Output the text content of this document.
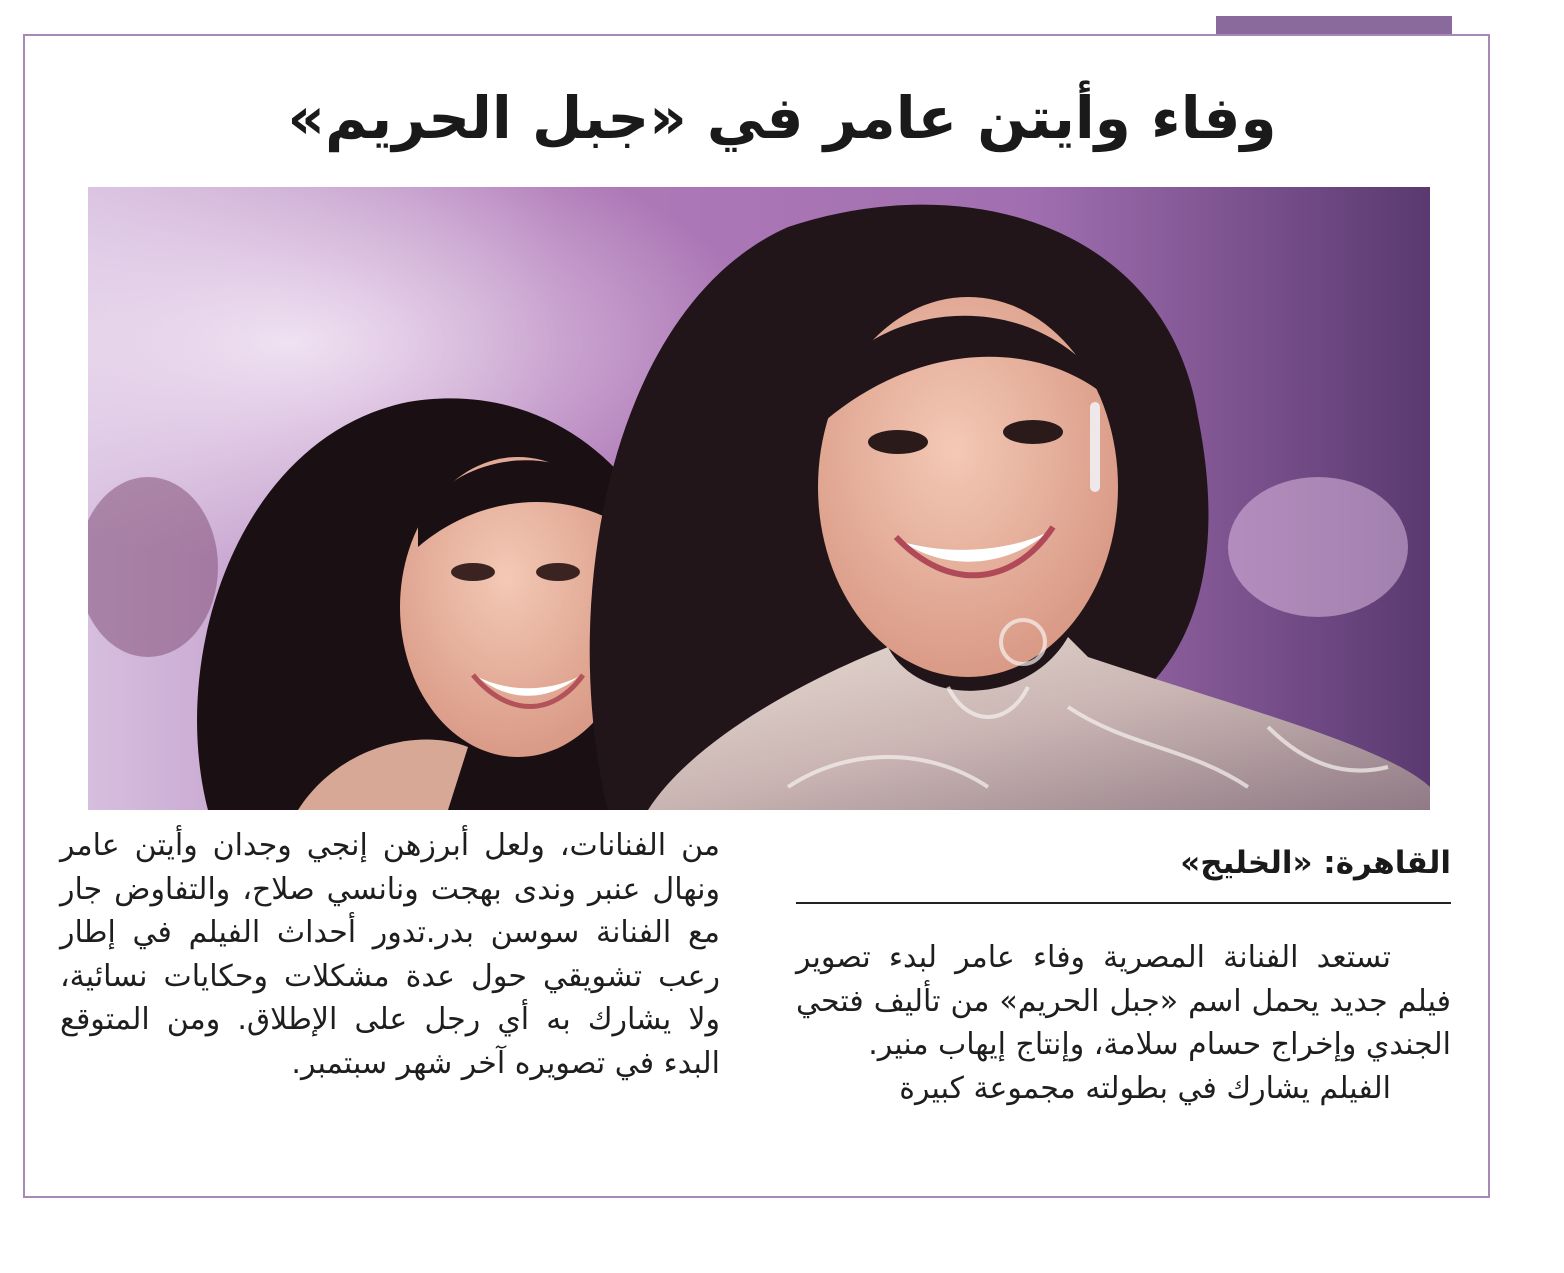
وفاء وأيتن عامر في «جبل الحريم»
القاهرة: «الخليج»

تستعد الفنانة المصرية وفاء عامر لبدء تصوير فيلم جديد يحمل اسم «جبل الحريم» من تأليف فتحي الجندي وإخراج حسام سلامة، وإنتاج إيهاب منير.

الفيلم يشارك في بطولته مجموعة كبيرة

من الفنانات، ولعل أبرزهن إنجي وجدان وأيتن عامر ونهال عنبر وندى بهجت ونانسي صلاح، والتفاوض جار مع الفنانة سوسن بدر.تدور أحداث الفيلم في إطار رعب تشويقي حول عدة مشكلات وحكايات نسائية، ولا يشارك به أي رجل على الإطلاق. ومن المتوقع البدء في تصويره آخر شهر سبتمبر.
